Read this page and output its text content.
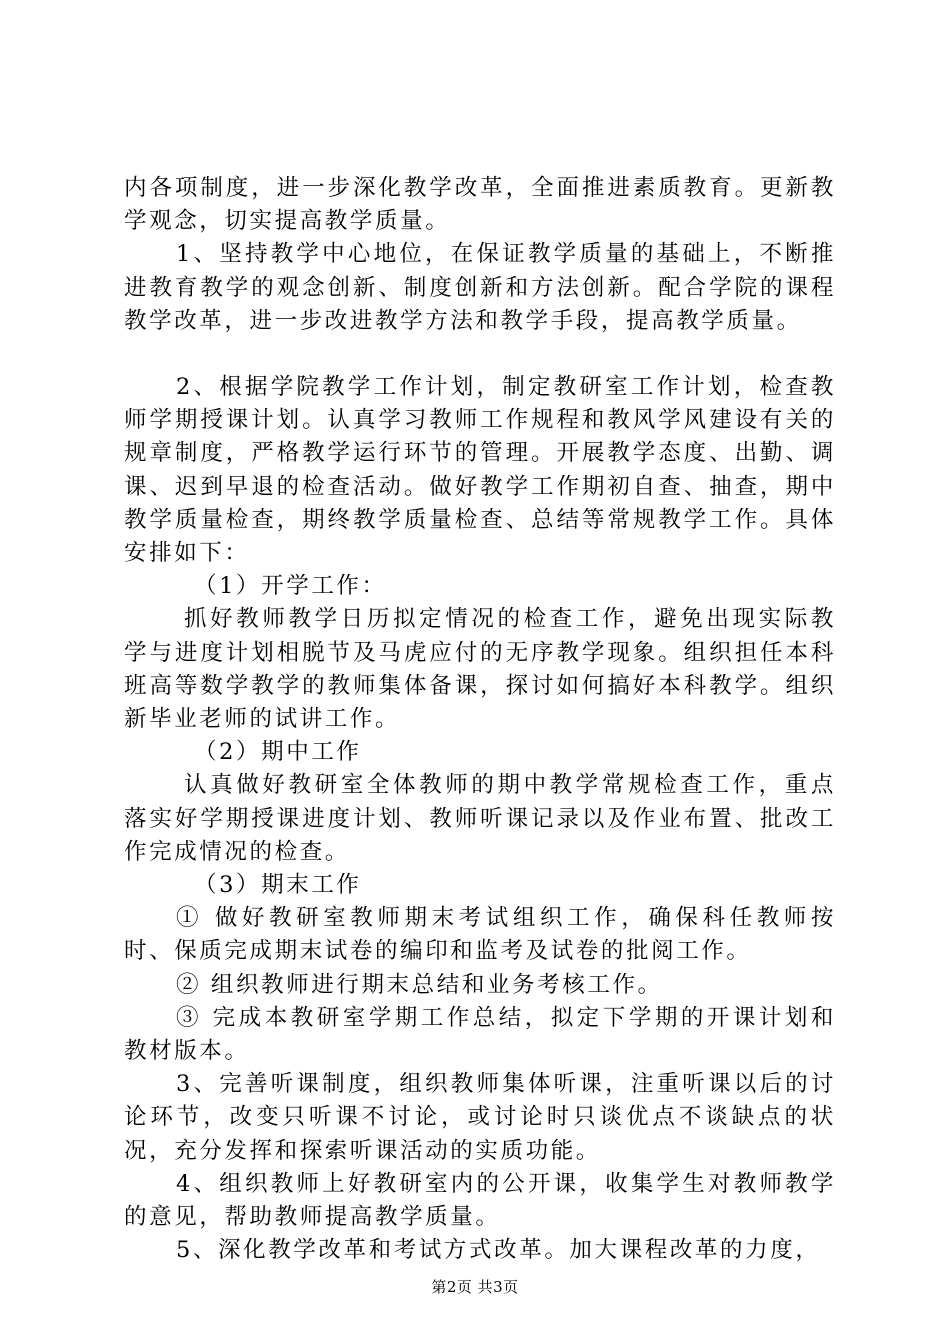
内各项制度，进一步深化教学改革，全面推进素质教育。更新教学观念，切实提高教学质量。

1、坚持教学中心地位，在保证教学质量的基础上，不断推进教育教学的观念创新、制度创新和方法创新。配合学院的课程教学改革，进一步改进教学方法和教学手段，提高教学质量。

2、根据学院教学工作计划，制定教研室工作计划，检查教师学期授课计划。认真学习教师工作规程和教风学风建设有关的规章制度，严格教学运行环节的管理。开展教学态度、出勤、调课、迟到早退的检查活动。做好教学工作期初自查、抽查，期中教学质量检查，期终教学质量检查、总结等常规教学工作。具体安排如下：

（1）开学工作：

抓好教师教学日历拟定情况的检查工作，避免出现实际教学与进度计划相脱节及马虎应付的无序教学现象。组织担任本科班高等数学教学的教师集体备课，探讨如何搞好本科教学。组织新毕业老师的试讲工作。

（2）期中工作

认真做好教研室全体教师的期中教学常规检查工作，重点落实好学期授课进度计划、教师听课记录以及作业布置、批改工作完成情况的检查。

（3）期末工作

① 做好教研室教师期末考试组织工作，确保科任教师按时、保质完成期末试卷的编印和监考及试卷的批阅工作。

② 组织教师进行期末总结和业务考核工作。

③ 完成本教研室学期工作总结，拟定下学期的开课计划和教材版本。

3、完善听课制度，组织教师集体听课，注重听课以后的讨论环节，改变只听课不讨论，或讨论时只谈优点不谈缺点的状况，充分发挥和探索听课活动的实质功能。

4、组织教师上好教研室内的公开课，收集学生对教师教学的意见，帮助教师提高教学质量。

5、深化教学改革和考试方式改革。加大课程改革的力度，

第2页 共3页
